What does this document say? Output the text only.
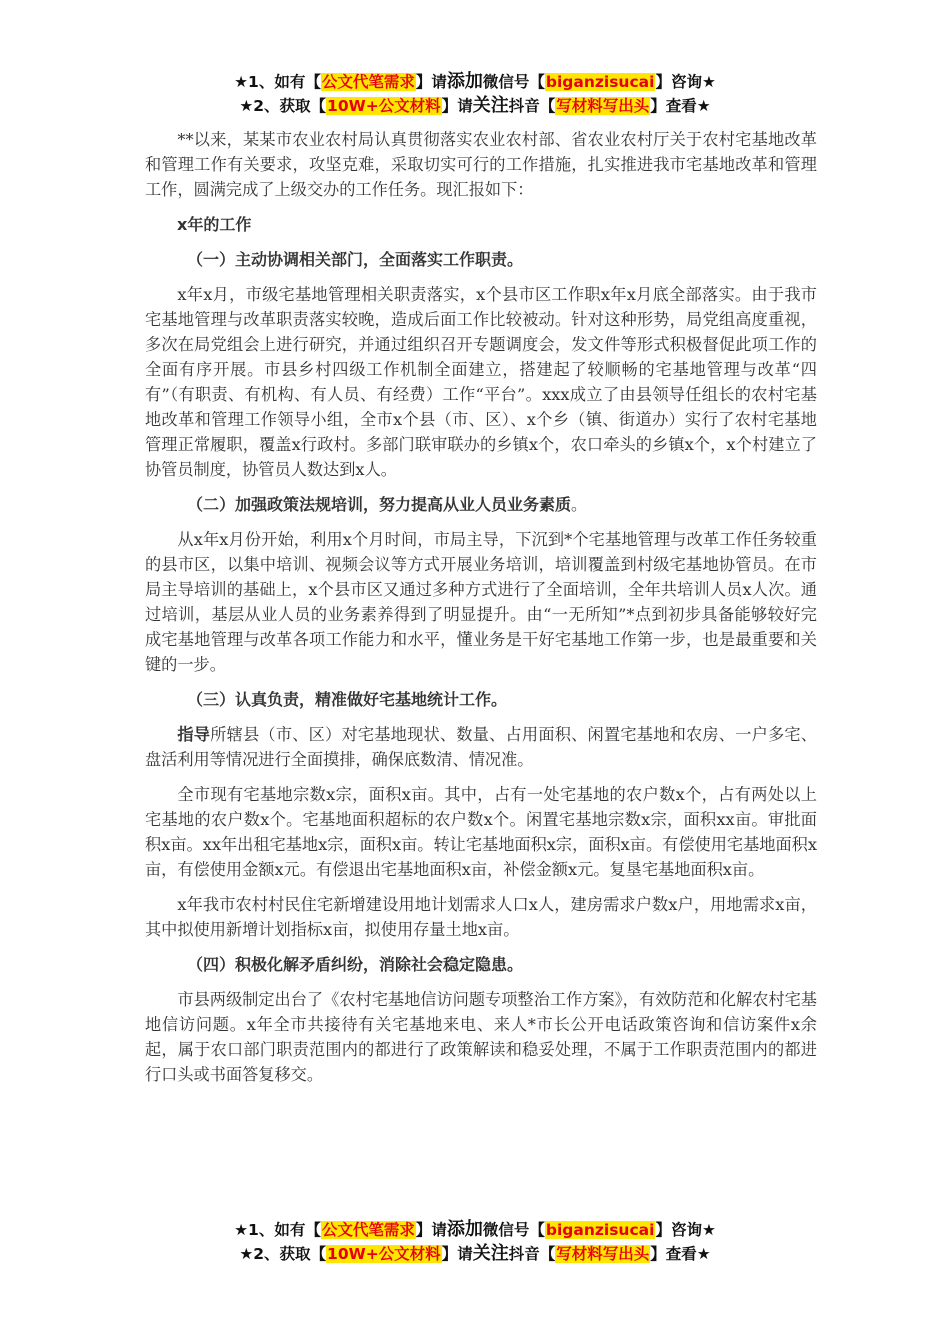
★1、如有【公文代笔需求】请添加微信号【biganzisucai】咨询★
★2、获取【10W+公文材料】请关注抖音【写材料写出头】查看★

**以来，某某市农业农村局认真贯彻落实农业农村部、省农业农村厅关于农村宅基地改革和管理工作有关要求，攻坚克难，采取切实可行的工作措施，扎实推进我市宅基地改革和管理工作，圆满完成了上级交办的工作任务。现汇报如下：

x年的工作

（一）主动协调相关部门，全面落实工作职责。

x年x月，市级宅基地管理相关职责落实，x个县市区工作职x年x月底全部落实。由于我市宅基地管理与改革职责落实较晚，造成后面工作比较被动。针对这种形势，局党组高度重视，多次在局党组会上进行研究，并通过组织召开专题调度会，发文件等形式积极督促此项工作的全面有序开展。市县乡村四级工作机制全面建立，搭建起了较顺畅的宅基地管理与改革“四有”（有职责、有机构、有人员、有经费）工作“平台”。xxx成立了由县领导任组长的农村宅基地改革和管理工作领导小组，全市x个县（市、区）、x个乡（镇、街道办）实行了农村宅基地管理正常履职，覆盖x行政村。多部门联审联办的乡镇x个，农口牵头的乡镇x个，x个村建立了协管员制度，协管员人数达到x人。

（二）加强政策法规培训，努力提高从业人员业务素质。

从x年x月份开始，利用x个月时间，市局主导，下沉到*个宅基地管理与改革工作任务较重的县市区，以集中培训、视频会议等方式开展业务培训，培训覆盖到村级宅基地协管员。在市局主导培训的基础上，x个县市区又通过多种方式进行了全面培训，全年共培训人员x人次。通过培训，基层从业人员的业务素养得到了明显提升。由“一无所知”*点到初步具备能够较好完成宅基地管理与改革各项工作能力和水平，懂业务是干好宅基地工作第一步，也是最重要和关键的一步。

（三）认真负责，精准做好宅基地统计工作。

指导所辖县（市、区）对宅基地现状、数量、占用面积、闲置宅基地和农房、一户多宅、盘活利用等情况进行全面摸排，确保底数清、情况准。

全市现有宅基地宗数x宗，面积x亩。其中，占有一处宅基地的农户数x个，占有两处以上宅基地的农户数x个。宅基地面积超标的农户数x个。闲置宅基地宗数x宗，面积xx亩。审批面积x亩。xx年出租宅基地x宗，面积x亩。转让宅基地面积x宗，面积x亩。有偿使用宅基地面积x亩，有偿使用金额x元。有偿退出宅基地面积x亩，补偿金额x元。复垦宅基地面积x亩。

x年我市农村村民住宅新增建设用地计划需求人口x人，建房需求户数x户，用地需求x亩，其中拟使用新增计划指标x亩，拟使用存量土地x亩。

（四）积极化解矛盾纠纷，消除社会稳定隐患。

市县两级制定出台了《农村宅基地信访问题专项整治工作方案》，有效防范和化解农村宅基地信访问题。x年全市共接待有关宅基地来电、来人*市长公开电话政策咨询和信访案件x余起，属于农口部门职责范围内的都进行了政策解读和稳妥处理，不属于工作职责范围内的都进行口头或书面答复移交。

★1、如有【公文代笔需求】请添加微信号【biganzisucai】咨询★
★2、获取【10W+公文材料】请关注抖音【写材料写出头】查看★
